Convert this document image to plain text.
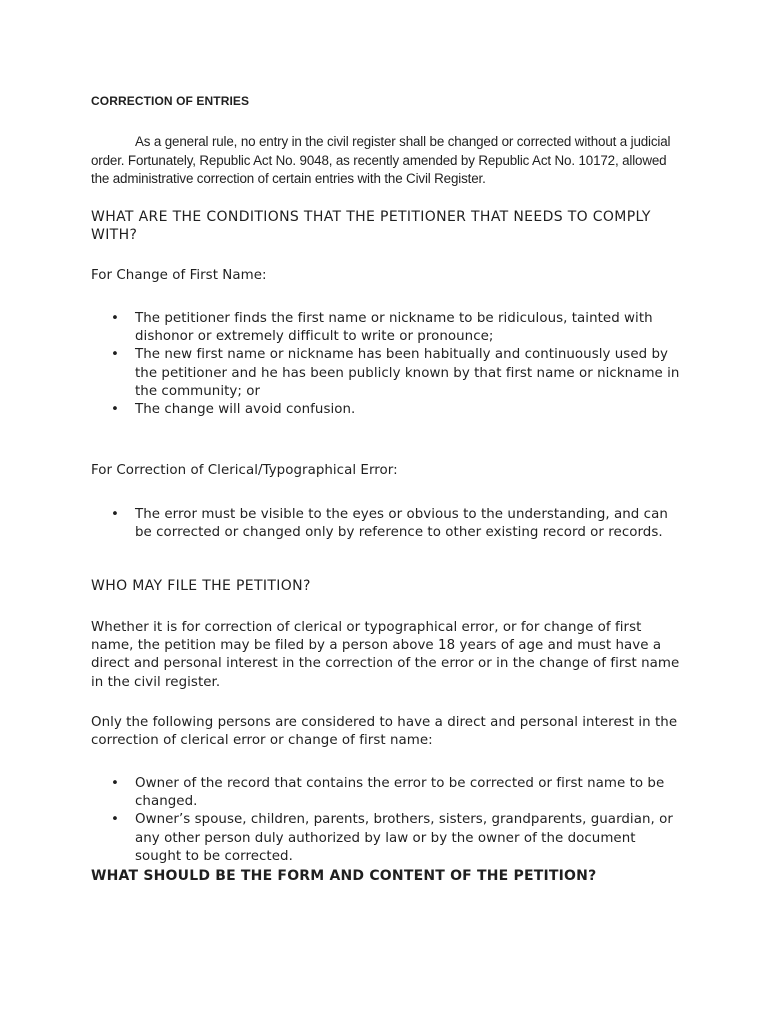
CORRECTION OF ENTRIES

As a general rule, no entry in the civil register shall be changed or corrected without a judicial order. Fortunately, Republic Act No. 9048, as recently amended by Republic Act No. 10172, allowed the administrative correction of certain entries with the Civil Register.

WHAT ARE THE CONDITIONS THAT THE PETITIONER THAT NEEDS TO COMPLY WITH?
For Change of First Name:
• The petitioner finds the first name or nickname to be ridiculous, tainted with dishonor or extremely difficult to write or pronounce;
• The new first name or nickname has been habitually and continuously used by the petitioner and he has been publicly known by that first name or nickname in the community; or
• The change will avoid confusion.
For Correction of Clerical/Typographical Error:
• The error must be visible to the eyes or obvious to the understanding, and can be corrected or changed only by reference to other existing record or records.
WHO MAY FILE THE PETITION?

Whether it is for correction of clerical or typographical error, or for change of first name, the petition may be filed by a person above 18 years of age and must have a direct and personal interest in the correction of the error or in the change of first name in the civil register.

Only the following persons are considered to have a direct and personal interest in the correction of clerical error or change of first name:

• Owner of the record that contains the error to be corrected or first name to be changed.
• Owner’s spouse, children, parents, brothers, sisters, grandparents, guardian, or any other person duly authorized by law or by the owner of the document sought to be corrected.
WHAT SHOULD BE THE FORM AND CONTENT OF THE PETITION?
